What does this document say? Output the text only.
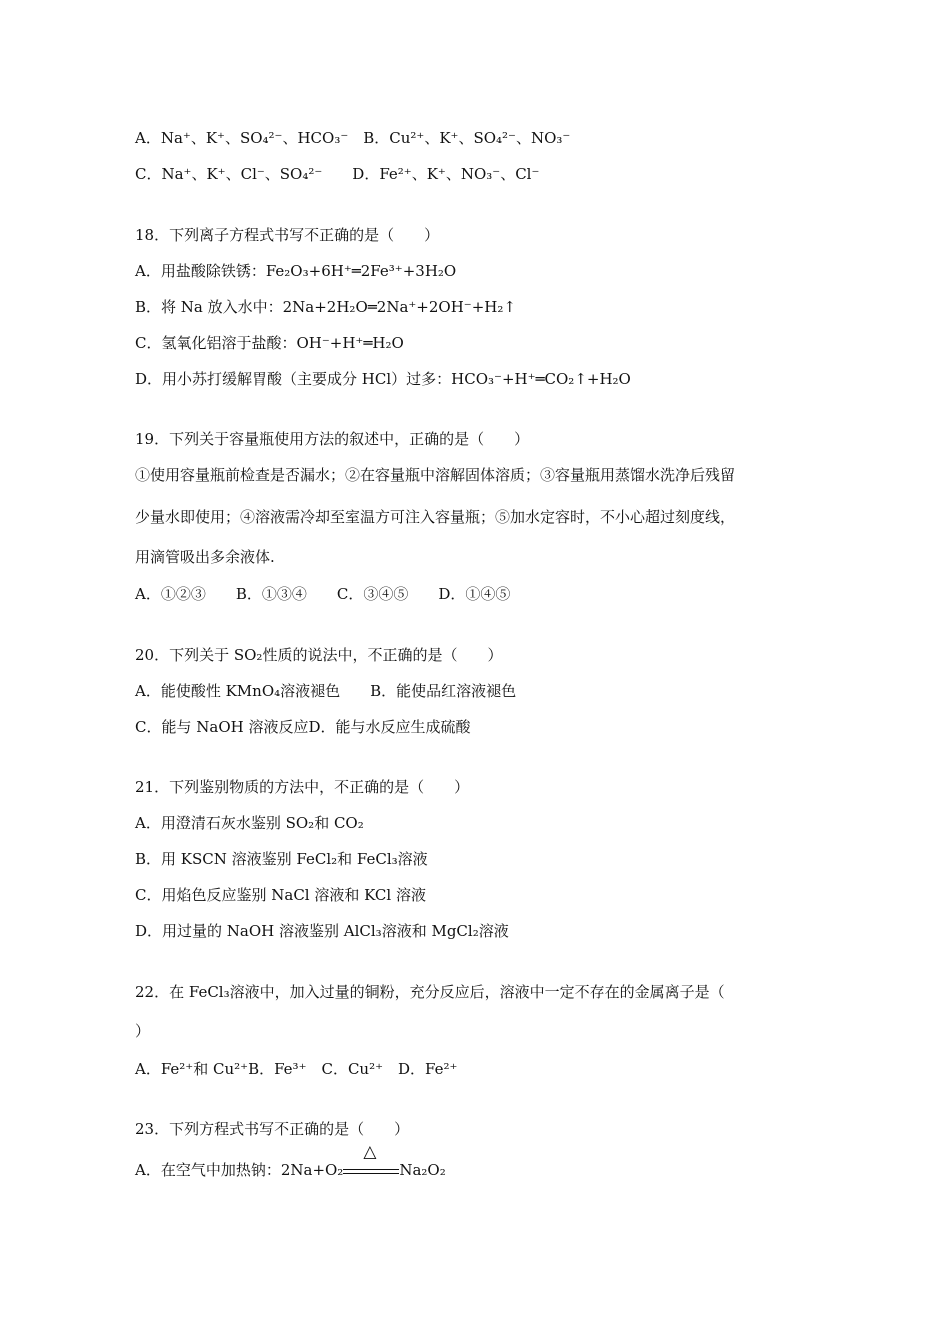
A．Na⁺、K⁺、SO₄²⁻、HCO₃⁻　B．Cu²⁺、K⁺、SO₄²⁻、NO₃⁻
C．Na⁺、K⁺、Cl⁻、SO₄²⁻　　D．Fe²⁺、K⁺、NO₃⁻、Cl⁻
18．下列离子方程式书写不正确的是（　　）
A．用盐酸除铁锈：Fe₂O₃+6H⁺═2Fe³⁺+3H₂O
B．将 Na 放入水中：2Na+2H₂O═2Na⁺+2OH⁻+H₂↑
C．氢氧化铝溶于盐酸：OH⁻+H⁺═H₂O
D．用小苏打缓解胃酸（主要成分 HCl）过多：HCO₃⁻+H⁺═CO₂↑+H₂O
19．下列关于容量瓶使用方法的叙述中，正确的是（　　）
①使用容量瓶前检查是否漏水；②在容量瓶中溶解固体溶质；③容量瓶用蒸馏水洗净后残留
少量水即使用；④溶液需冷却至室温方可注入容量瓶；⑤加水定容时，不小心超过刻度线，
用滴管吸出多余液体.
A．①②③　　B．①③④　　C．③④⑤　　D．①④⑤
20．下列关于 SO₂性质的说法中，不正确的是（　　）
A．能使酸性 KMnO₄溶液褪色　　B．能使品红溶液褪色
C．能与 NaOH 溶液反应D．能与水反应生成硫酸
21．下列鉴别物质的方法中，不正确的是（　　）
A．用澄清石灰水鉴别 SO₂和 CO₂
B．用 KSCN 溶液鉴别 FeCl₂和 FeCl₃溶液
C．用焰色反应鉴别 NaCl 溶液和 KCl 溶液
D．用过量的 NaOH 溶液鉴别 AlCl₃溶液和 MgCl₂溶液
22．在 FeCl₃溶液中，加入过量的铜粉，充分反应后，溶液中一定不存在的金属离子是（
）
A．Fe²⁺和 Cu²⁺B．Fe³⁺　C．Cu²⁺　D．Fe²⁺
23．下列方程式书写不正确的是（　　）
A．在空气中加热钠：2Na+O₂
△
Na₂O₂
